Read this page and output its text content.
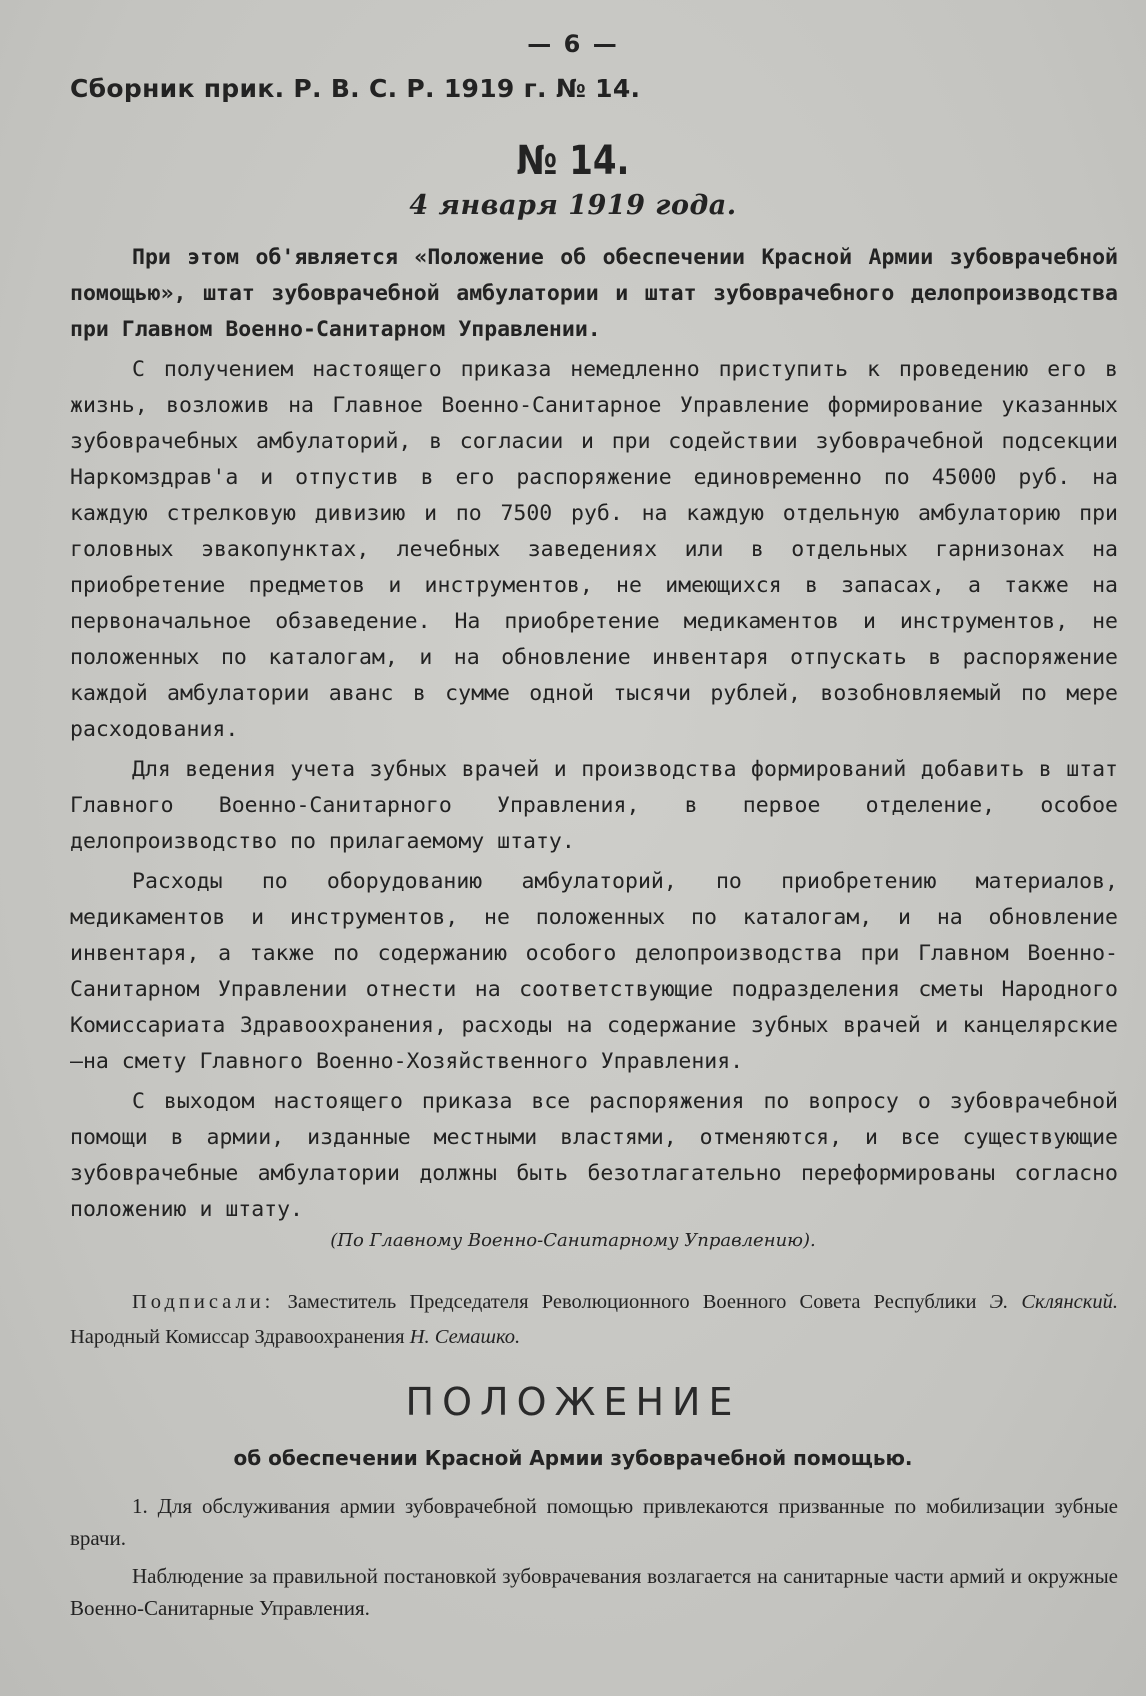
— 6 —
Сборник прик. Р. В. С. Р. 1919 г. № 14.
№ 14.
4 января 1919 года.

При этом об'являетcя «Положение об обеспечении Красной Армии зубоврачебной помощью», штат зубоврачебной амбулатории и штат зубоврачебного делопроизводства при Главном Военно-Санитарном Управлении.

С получением настоящего приказа немедленно приступить к проведению его в жизнь, возложив на Главное Военно-Санитарное Управление формирование указанных зубоврачебных амбулаторий, в согласии и при содействии зубоврачебной подсекции Наркомздрав'а и отпустив в его распоряжение единовременно по 45000 руб. на каждую стрелковую дивизию и по 7500 руб. на каждую отдельную амбулаторию при головных эвакопунктах, лечебных заведениях или в отдельных гарнизонах на приобретение предметов и инструментов, не имеющихся в запасах, а также на первоначальное обзаведение. На приобретение медикаментов и инструментов, не положенных по каталогам, и на обновление инвентаря отпускать в распоряжение каждой амбулатории аванс в сумме одной тысячи рублей, возобновляемый по мере расходования.

Для ведения учета зубных врачей и производства формирований добавить в штат Главного Военно-Санитарного Управления, в первое отделение, особое делопроизводство по прилагаемому штату.

Расходы по оборудованию амбулаторий, по приобретению материалов, медикаментов и инструментов, не положенных по каталогам, и на обновление инвентаря, а также по содержанию особого делопроизводства при Главном Военно-Санитарном Управлении отнести на соответствующие подразделения сметы Народного Комиссариата Здравоохранения, расходы на содержание зубных врачей и канцелярские—на смету Главного Военно-Хозяйственного Управления.

С выходом настоящего приказа все распоряжения по вопросу о зубоврачебной помощи в армии, изданные местными властями, отменяются, и все существующие зубоврачебные амбулатории должны быть безотлагательно переформированы согласно положению и штату.

(По Главному Военно-Санитарному Управлению).
Подписали: Заместитель Председателя Революционного Военного Совета Республики Э. Склянский. Народный Комиссар Здравоохранения Н. Семашко.
ПОЛОЖЕНИЕ
об обеспечении Красной Армии зубоврачебной помощью.

1. Для обслуживания армии зубоврачебной помощью привлекаются призванные по мобилизации зубные врачи.

Наблюдение за правильной постановкой зубоврачевания возлагается на санитарные части армий и окружные Военно-Санитарные Управления.
